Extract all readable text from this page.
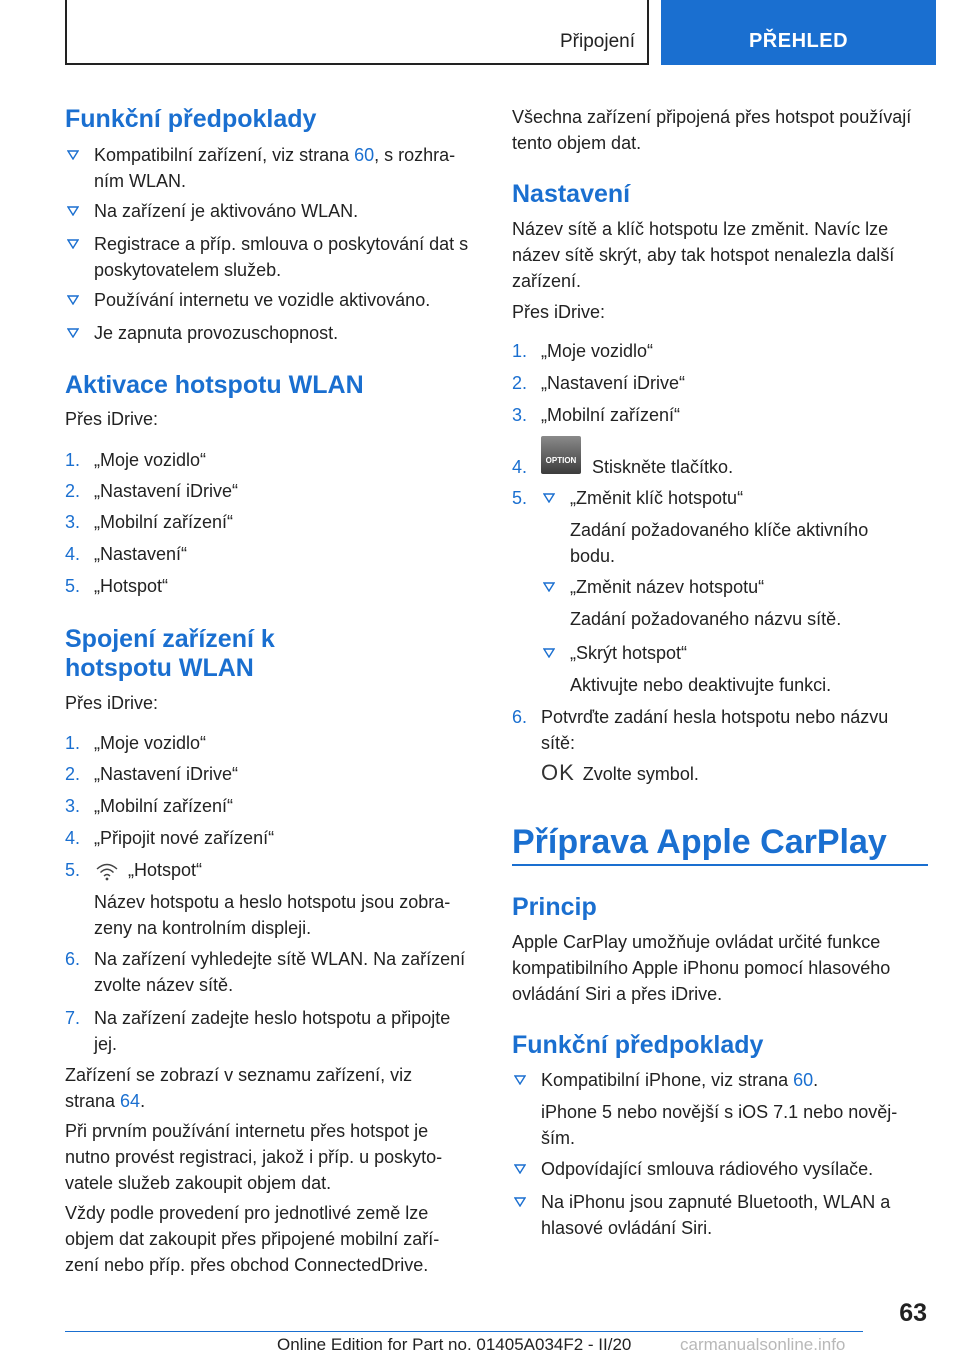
Připojení	PŘEHLED
Funkční předpoklady
Kompatibilní zařízení, viz strana 60, s rozhra-
ním WLAN.
Na zařízení je aktivováno WLAN.
Registrace a příp. smlouva o poskytování dat s poskytovatelem služeb.
Používání internetu ve vozidle aktivováno.
Je zapnuta provozuschopnost.
Aktivace hotspotu WLAN
Přes iDrive:
1. „Moje vozidlo“
2. „Nastavení iDrive“
3. „Mobilní zařízení“
4. „Nastavení“
5. „Hotspot“
Spojení zařízení k
hotspotu WLAN
Přes iDrive:
1. „Moje vozidlo“
2. „Nastavení iDrive“
3. „Mobilní zařízení“
4. „Připojit nové zařízení“
5.	„Hotspot“
Název hotspotu a heslo hotspotu jsou zobra-
zeny na kontrolním displeji.
6. Na zařízení vyhledejte sítě WLAN. Na zařízení
zvolte název sítě.
7. Na zařízení zadejte heslo hotspotu a připojte
jej.
Zařízení se zobrazí v seznamu zařízení, viz
strana 64.
Při prvním používání internetu přes hotspot je
nutno provést registraci, jakož i příp. u poskyto-
vatele služeb zakoupit objem dat.
Vždy podle provedení pro jednotlivé země lze
objem dat zakoupit přes připojené mobilní zaří-
zení nebo příp. přes obchod ConnectedDrive.
Všechna zařízení připojená přes hotspot používají
tento objem dat.
Nastavení
Název sítě a klíč hotspotu lze změnit. Navíc lze
název sítě skrýt, aby tak hotspot nenalezla další
zařízení.
Přes iDrive:
1. „Moje vozidlo“
2. „Nastavení iDrive“
3. „Mobilní zařízení“
4.	OPTION Stiskněte tlačítko.
5.	„Změnit klíč hotspotu“
Zadání požadovaného klíče aktivního
bodu.
„Změnit název hotspotu“
Zadání požadovaného názvu sítě.
„Skrýt hotspot“
Aktivujte nebo deaktivujte funkci.
6. Potvrďte zadání hesla hotspotu nebo názvu
sítě:
OK Zvolte symbol.
Příprava Apple CarPlay
Princip
Apple CarPlay umožňuje ovládat určité funkce
kompatibilního Apple iPhonu pomocí hlasového
ovládání Siri a přes iDrive.
Funkční předpoklady
Kompatibilní iPhone, viz strana 60.
iPhone 5 nebo novější s iOS 7.1 nebo nověj-
ším.
Odpovídající smlouva rádiového vysílače.
Na iPhonu jsou zapnuté Bluetooth, WLAN a
hlasové ovládání Siri.
63
Online Edition for Part no. 01405A034F2 - II/20	carmanualsonline.info
